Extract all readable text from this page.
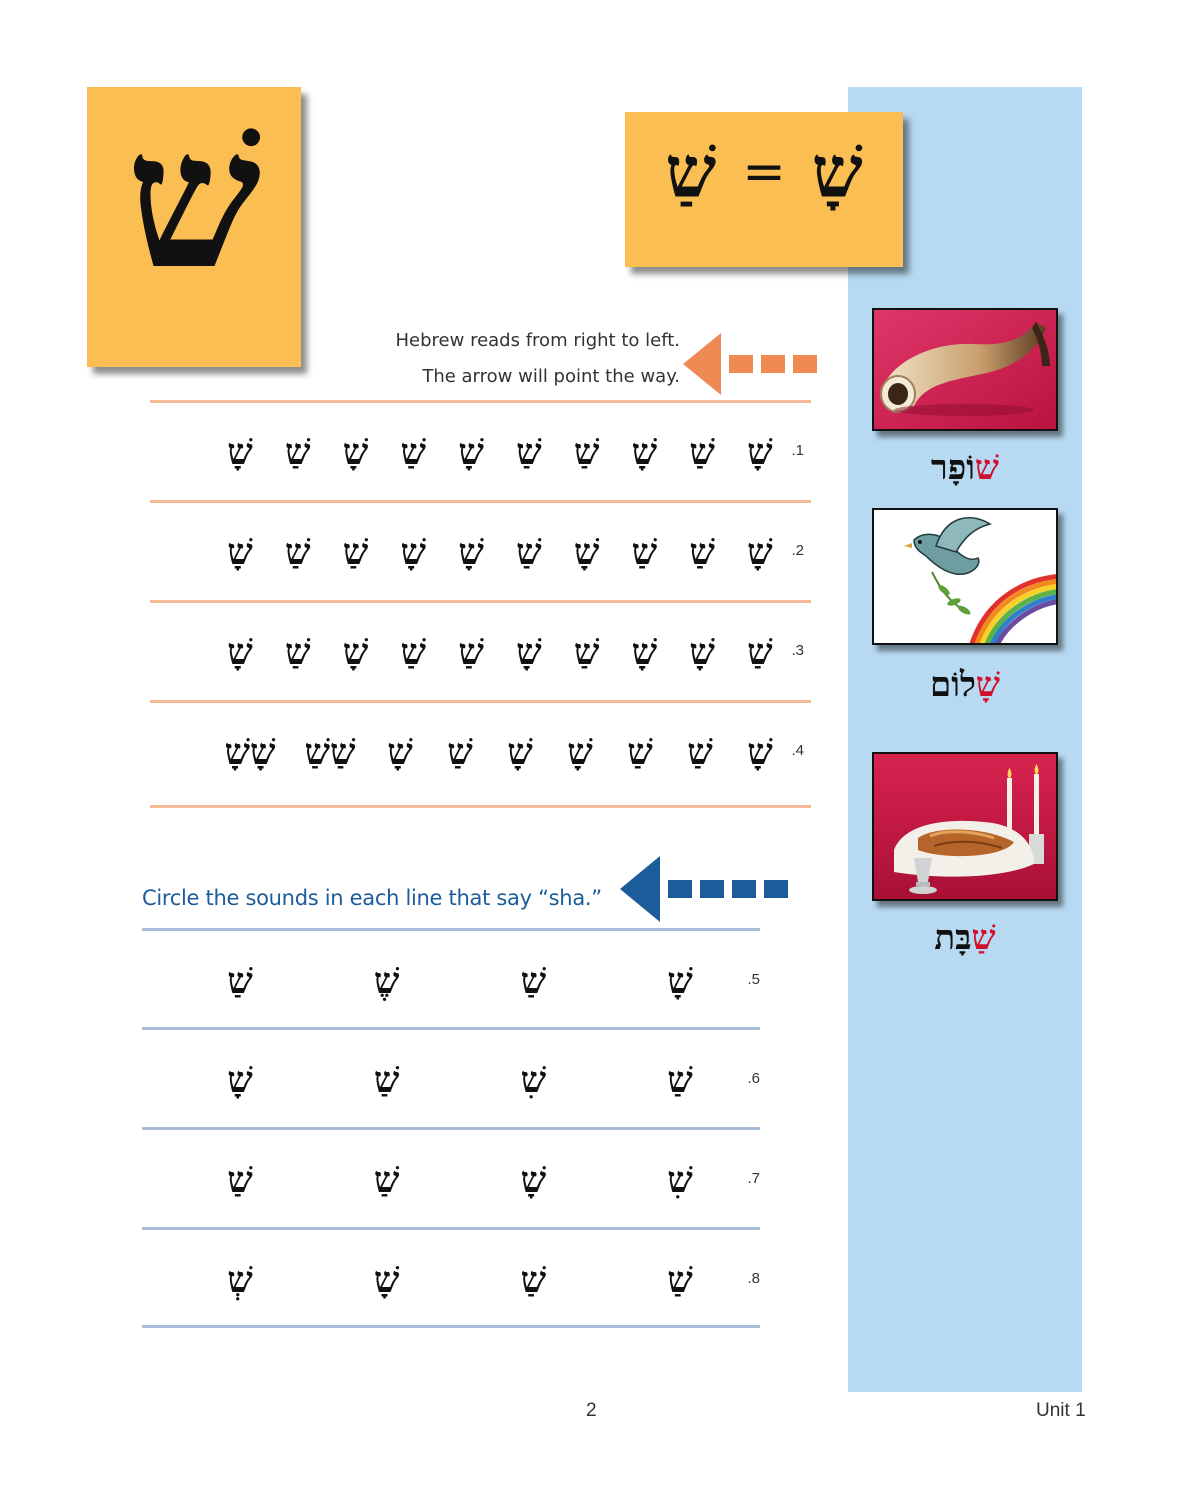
שׁ	שַׁ = שָׁ
Hebrew reads from right to left.
The arrow will point the way.
שָׁ
שַׁ
שָׁ
שַׁ
שַׁ
שָׁ
שַׁ
שָׁ
שַׁ
שָׁ	.1
שָׁ
שַׁ
שַׁ
שָׁ
שַׁ
שָׁ
שָׁ
שַׁ
שַׁ
שָׁ	.2
שַׁ
שָׁ
שָׁ
שַׁ
שָׁ
שַׁ
שַׁ
שָׁ
שַׁ
שָׁ	.3
שָׁ
שַׁ
שַׁ
שָׁ
שָׁ
שַׁ
שָׁ
שַׁשַׁ
שָׁשָׁ	.4
Circle the sounds in each line that say “sha.”
שָׁ
שַׁ
שֶׁ
שַׁ	.5
שַׁ
שִׁ
שַׁ
שָׁ	.6
שִׁ
שָׁ
שַׁ
שַׁ	.7
שַׁ
שַׁ
שָׁ
שְׁ	.8
שׁוֹפָר
שָׁלוֹם
שַׁבָּת
2	Unit 1
